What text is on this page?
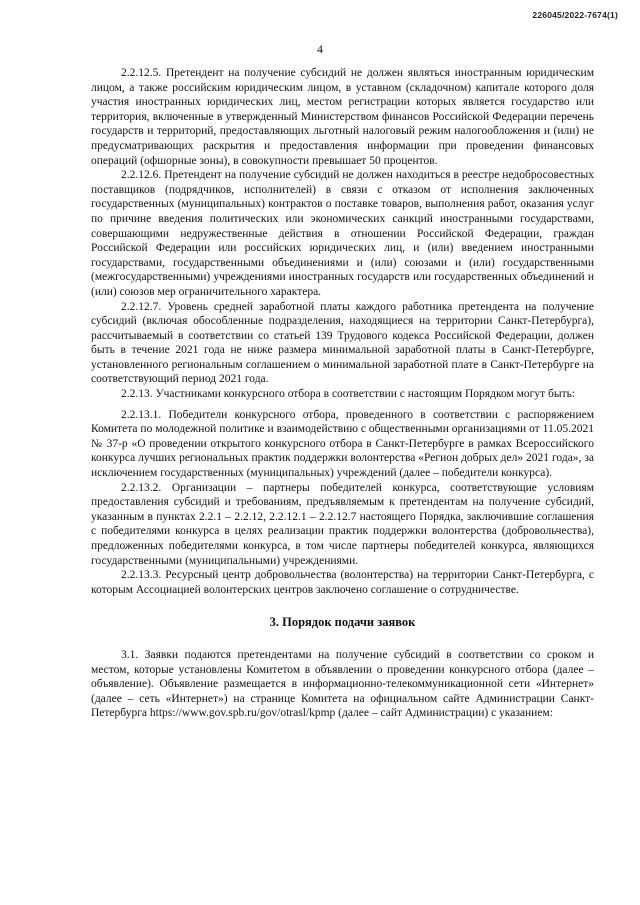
226045/2022-7674(1)
4

2.2.12.5. Претендент на получение субсидий не должен являться иностранным юридическим лицом, а также российским юридическим лицом, в уставном (складочном) капитале которого доля участия иностранных юридических лиц, местом регистрации которых является государство или территория, включенные в утвержденный Министерством финансов Российской Федерации перечень государств и территорий, предоставляющих льготный налоговый режим налогообложения и (или) не предусматривающих раскрытия и предоставления информации при проведении финансовых операций (офшорные зоны), в совокупности превышает 50 процентов.

2.2.12.6. Претендент на получение субсидий не должен находиться в реестре недобросовестных поставщиков (подрядчиков, исполнителей) в связи с отказом от исполнения заключенных государственных (муниципальных) контрактов о поставке товаров, выполнения работ, оказания услуг по причине введения политических или экономических санкций иностранными государствами, совершающими недружественные действия в отношении Российской Федерации, граждан Российской Федерации или российских юридических лиц, и (или) введением иностранными государствами, государственными объединениями и (или) союзами и (или) государственными (межгосударственными) учреждениями иностранных государств или государственных объединений и (или) союзов мер ограничительного характера.

2.2.12.7. Уровень средней заработной платы каждого работника претендента на получение субсидий (включая обособленные подразделения, находящиеся на территории Санкт-Петербурга), рассчитываемый в соответствии со статьей 139 Трудового кодекса Российской Федерации, должен быть в течение 2021 года не ниже размера минимальной заработной платы в Санкт-Петербурге, установленного региональным соглашением о минимальной заработной плате в Санкт-Петербурге на соответствующий период 2021 года.

2.2.13. Участниками конкурсного отбора в соответствии с настоящим Порядком могут быть:

2.2.13.1. Победители конкурсного отбора, проведенного в соответствии с распоряжением Комитета по молодежной политике и взаимодействию с общественными организациями от 11.05.2021 № 37-р «О проведении открытого конкурсного отбора в Санкт-Петербурге в рамках Всероссийского конкурса лучших региональных практик поддержки волонтерства «Регион добрых дел» 2021 года», за исключением государственных (муниципальных) учреждений (далее – победители конкурса).

2.2.13.2. Организации – партнеры победителей конкурса, соответствующие условиям предоставления субсидий и требованиям, предъявляемым к претендентам на получение субсидий, указанным в пунктах 2.2.1 – 2.2.12, 2.2.12.1 – 2.2.12.7 настоящего Порядка, заключившие соглашения с победителями конкурса в целях реализации практик поддержки волонтерства (добровольчества), предложенных победителями конкурса, в том числе партнеры победителей конкурса, являющихся государственными (муниципальными) учреждениями.

2.2.13.3. Ресурсный центр добровольчества (волонтерства) на территории Санкт-Петербурга, с которым Ассоциацией волонтерских центров заключено соглашение о сотрудничестве.

3. Порядок подачи заявок

3.1. Заявки подаются претендентами на получение субсидий в соответствии со сроком и местом, которые установлены Комитетом в объявлении о проведении конкурсного отбора (далее – объявление). Объявление размещается в информационно-телекоммуникационной сети «Интернет» (далее – сеть «Интернет») на странице Комитета на официальном сайте Администрации Санкт-Петербурга https://www.gov.spb.ru/gov/otrasl/kpmp (далее – сайт Администрации) с указанием:
